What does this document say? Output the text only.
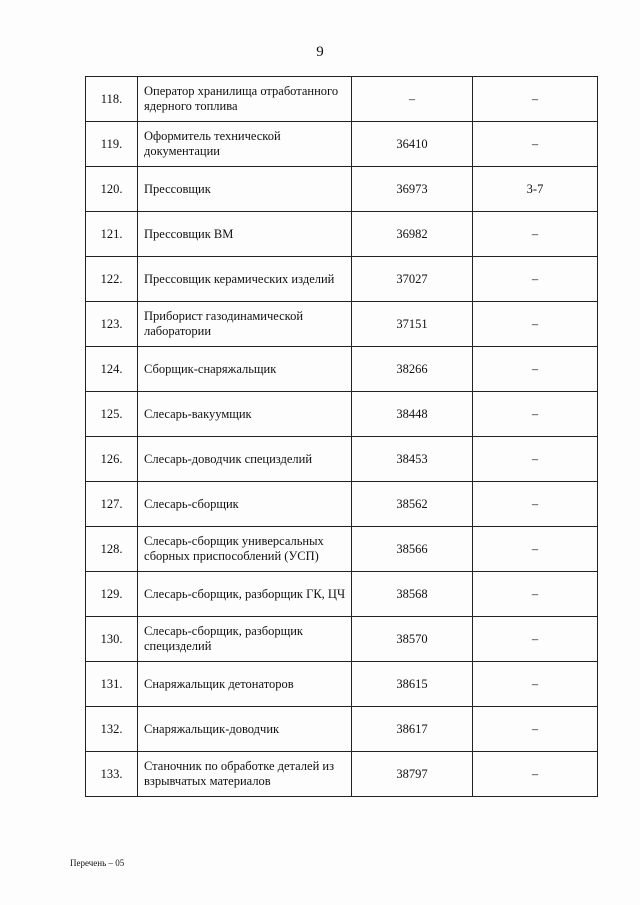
9
118.	Оператор хранилища отработанного ядерного топлива	–	–
119.	Оформитель технической документации	36410	–
120.	Прессовщик	36973	3-7
121.	Прессовщик ВМ	36982	–
122.	Прессовщик керамических изделий	37027	–
123.	Приборист газодинамической лаборатории	37151	–
124.	Сборщик-снаряжальщик	38266	–
125.	Слесарь-вакуумщик	38448	–
126.	Слесарь-доводчик специзделий	38453	–
127.	Слесарь-сборщик	38562	–
128.	Слесарь-сборщик универсальных сборных приспособлений (УСП)	38566	–
129.	Слесарь-сборщик, разборщик ГК, ЦЧ	38568	–
130.	Слесарь-сборщик, разборщик специзделий	38570	–
131.	Снаряжальщик детонаторов	38615	–
132.	Снаряжальщик-доводчик	38617	–
133.	Станочник по обработке деталей из взрывчатых материалов	38797	–
Перечень – 05
